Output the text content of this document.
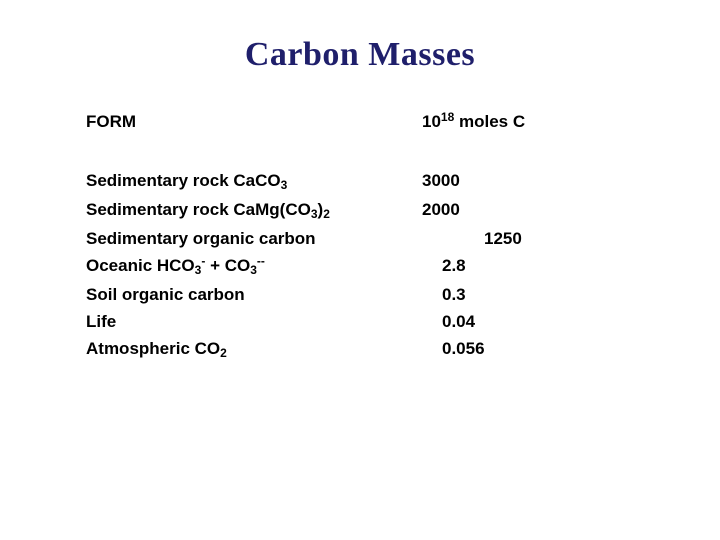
Carbon Masses
FORM	$10^{18}$ moles C
Sedimentary rock CaCO$_3$	3000
Sedimentary rock $CaMg(CO_3)_2$	2000
Sedimentary organic carbon	1250
Oceanic $HCO_3^- + CO_3^{--}$	2.8
Soil organic carbon	0.3
Life	0.04
Atmospheric $CO_2$	0.056
